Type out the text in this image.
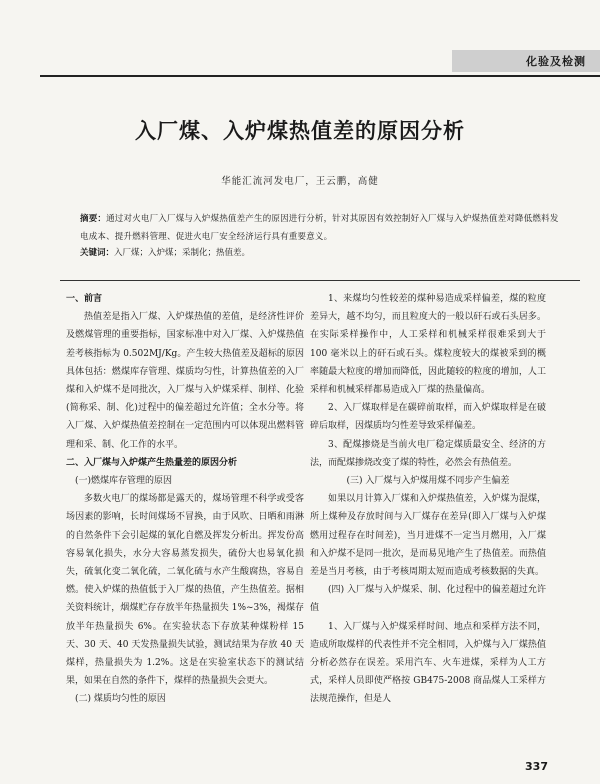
化验及检测
入厂煤、入炉煤热值差的原因分析
华能汇流河发电厂，王云鹏，高健
摘要：通过对火电厂入厂煤与入炉煤热值差产生的原因进行分析，针对其原因有效控制好入厂煤与入炉煤热值差对降低燃料发电成本、提升燃料管理、促进火电厂安全经济运行具有重要意义。
关键词：入厂煤；入炉煤；采制化；热值差。

一、前言

热值差是指入厂煤、入炉煤热值的差值，是经济性评价及燃煤管理的重要指标，国家标准中对入厂煤、入炉煤热值差考核指标为 0.502MJ/Kg。产生较大热值差及超标的原因具体包括：燃煤库存管理、煤质均匀性，计算热值差的入厂煤和入炉煤不是同批次，入厂煤与入炉煤采样、制样、化验(简称采、制、化)过程中的偏差超过允许值；全水分等。将入厂煤、入炉煤热值差控制在一定范围内可以体现出燃料管理和采、制、化工作的水平。

二、入厂煤与入炉煤产生热量差的原因分析

(一)燃煤库存管理的原因

多数火电厂的煤场都是露天的，煤场管理不科学或受客场因素的影响，长时间煤场不冒换，由于风吹、日晒和雨淋的自然条件下会引起煤的氧化自燃及挥发分析出。挥发份高容易氧化损失，水分大容易蒸发损失，硫份大也易氧化损失，硫氧化变二氧化硫，二氧化硫与水产生酸腐热，容易自燃。使入炉煤的热值低于入厂煤的热值，产生热值差。据相关资料统计，烟煤贮存存放半年热量损失 1%~3%，褐煤存放半年热量损失 6%。在实验状态下存放某种煤粉样 15 天、30 天、40 天发热量损失试验，测试结果为存放 40 天煤样，热量损失为 1.2%。这是在实验室状态下的测试结果，如果在自然的条件下，煤样的热量损失会更大。

(二) 煤质均匀性的原因

1、来煤均匀性较差的煤种易造成采样偏差，煤的粒度差异大，越不均匀，而且粒度大的一般以矸石或石头居多。在实际采样操作中，人工采样和机械采样很难采到大于 100 毫米以上的矸石或石头。煤粒度较大的煤被采到的概率随最大粒度的增加而降低，因此随较的粒度的增加，人工采样和机械采样都易造成入厂煤的热量偏高。

2、入厂煤取样是在碳碎前取样，而入炉煤取样是在破碎后取样，因煤质均匀性差导致采样偏差。

3、配煤掺烧是当前火电厂稳定煤质最安全、经济的方法，而配煤掺烧改变了煤的特性，必然会有热值差。

(三) 入厂煤与入炉煤用煤不同步产生偏差

如果以月计算入厂煤和入炉煤热值差，入炉煤为混煤，所上煤种及存放时间与入厂煤存在差异(即入厂煤与入炉煤燃用过程存在时间差)，当月进煤不一定当月燃用，入厂煤和入炉煤不是同一批次，是而易见地产生了热值差。而热值差是当月考核，由于考核周期太短而造成考核数据的失真。

(四) 入厂煤与入炉煤采、制、化过程中的偏差超过允许值

1、入厂煤与入炉煤采样时间、地点和采样方法不同，造成所取煤样的代表性并不完全相同，入炉煤与入厂煤热值分析必然存在误差。采用汽车、火车进煤，采样为人工方式，采样人员即使严格按 GB475-2008 商品煤人工采样方法规范操作，但是人

337
